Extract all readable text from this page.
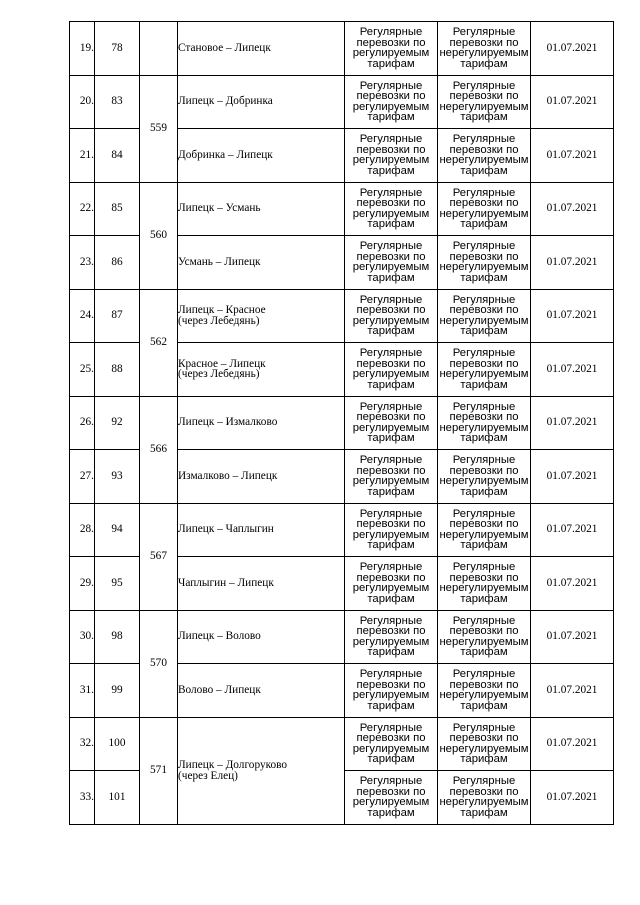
19.	78		Становое – Липецк	Регулярные
перевозки по
регулируемым
тарифам	Регулярные
перевозки по
нерегулируемым
тарифам	01.07.2021
20.	83	559	Липецк – Добринка	Регулярные
перевозки по
регулируемым
тарифам	Регулярные
перевозки по
нерегулируемым
тарифам	01.07.2021
21.	84		Добринка – Липецк	Регулярные
перевозки по
регулируемым
тарифам	Регулярные
перевозки по
нерегулируемым
тарифам	01.07.2021
22.	85	560	Липецк – Усмань	Регулярные
перевозки по
регулируемым
тарифам	Регулярные
перевозки по
нерегулируемым
тарифам	01.07.2021
23.	86		Усмань – Липецк	Регулярные
перевозки по
регулируемым
тарифам	Регулярные
перевозки по
нерегулируемым
тарифам	01.07.2021
24.	87	562	Липецк – Красное
(через Лебедянь)	Регулярные
перевозки по
регулируемым
тарифам	Регулярные
перевозки по
нерегулируемым
тарифам	01.07.2021
25.	88		Красное – Липецк
(через Лебедянь)	Регулярные
перевозки по
регулируемым
тарифам	Регулярные
перевозки по
нерегулируемым
тарифам	01.07.2021
26.	92	566	Липецк – Измалково	Регулярные
перевозки по
регулируемым
тарифам	Регулярные
перевозки по
нерегулируемым
тарифам	01.07.2021
27.	93		Измалково – Липецк	Регулярные
перевозки по
регулируемым
тарифам	Регулярные
перевозки по
нерегулируемым
тарифам	01.07.2021
28.	94	567	Липецк – Чаплыгин	Регулярные
перевозки по
регулируемым
тарифам	Регулярные
перевозки по
нерегулируемым
тарифам	01.07.2021
29.	95		Чаплыгин – Липецк	Регулярные
перевозки по
регулируемым
тарифам	Регулярные
перевозки по
нерегулируемым
тарифам	01.07.2021
30.	98	570	Липецк – Волово	Регулярные
перевозки по
регулируемым
тарифам	Регулярные
перевозки по
нерегулируемым
тарифам	01.07.2021
31.	99		Волово – Липецк	Регулярные
перевозки по
регулируемым
тарифам	Регулярные
перевозки по
нерегулируемым
тарифам	01.07.2021
32.	100	571	Липецк – Долгоруково
(через Елец)	Регулярные
перевозки по
регулируемым
тарифам	Регулярные
перевозки по
нерегулируемым
тарифам	01.07.2021
33.	101			Регулярные
перевозки по
регулируемым
тарифам	Регулярные
перевозки по
нерегулируемым
тарифам	01.07.2021
